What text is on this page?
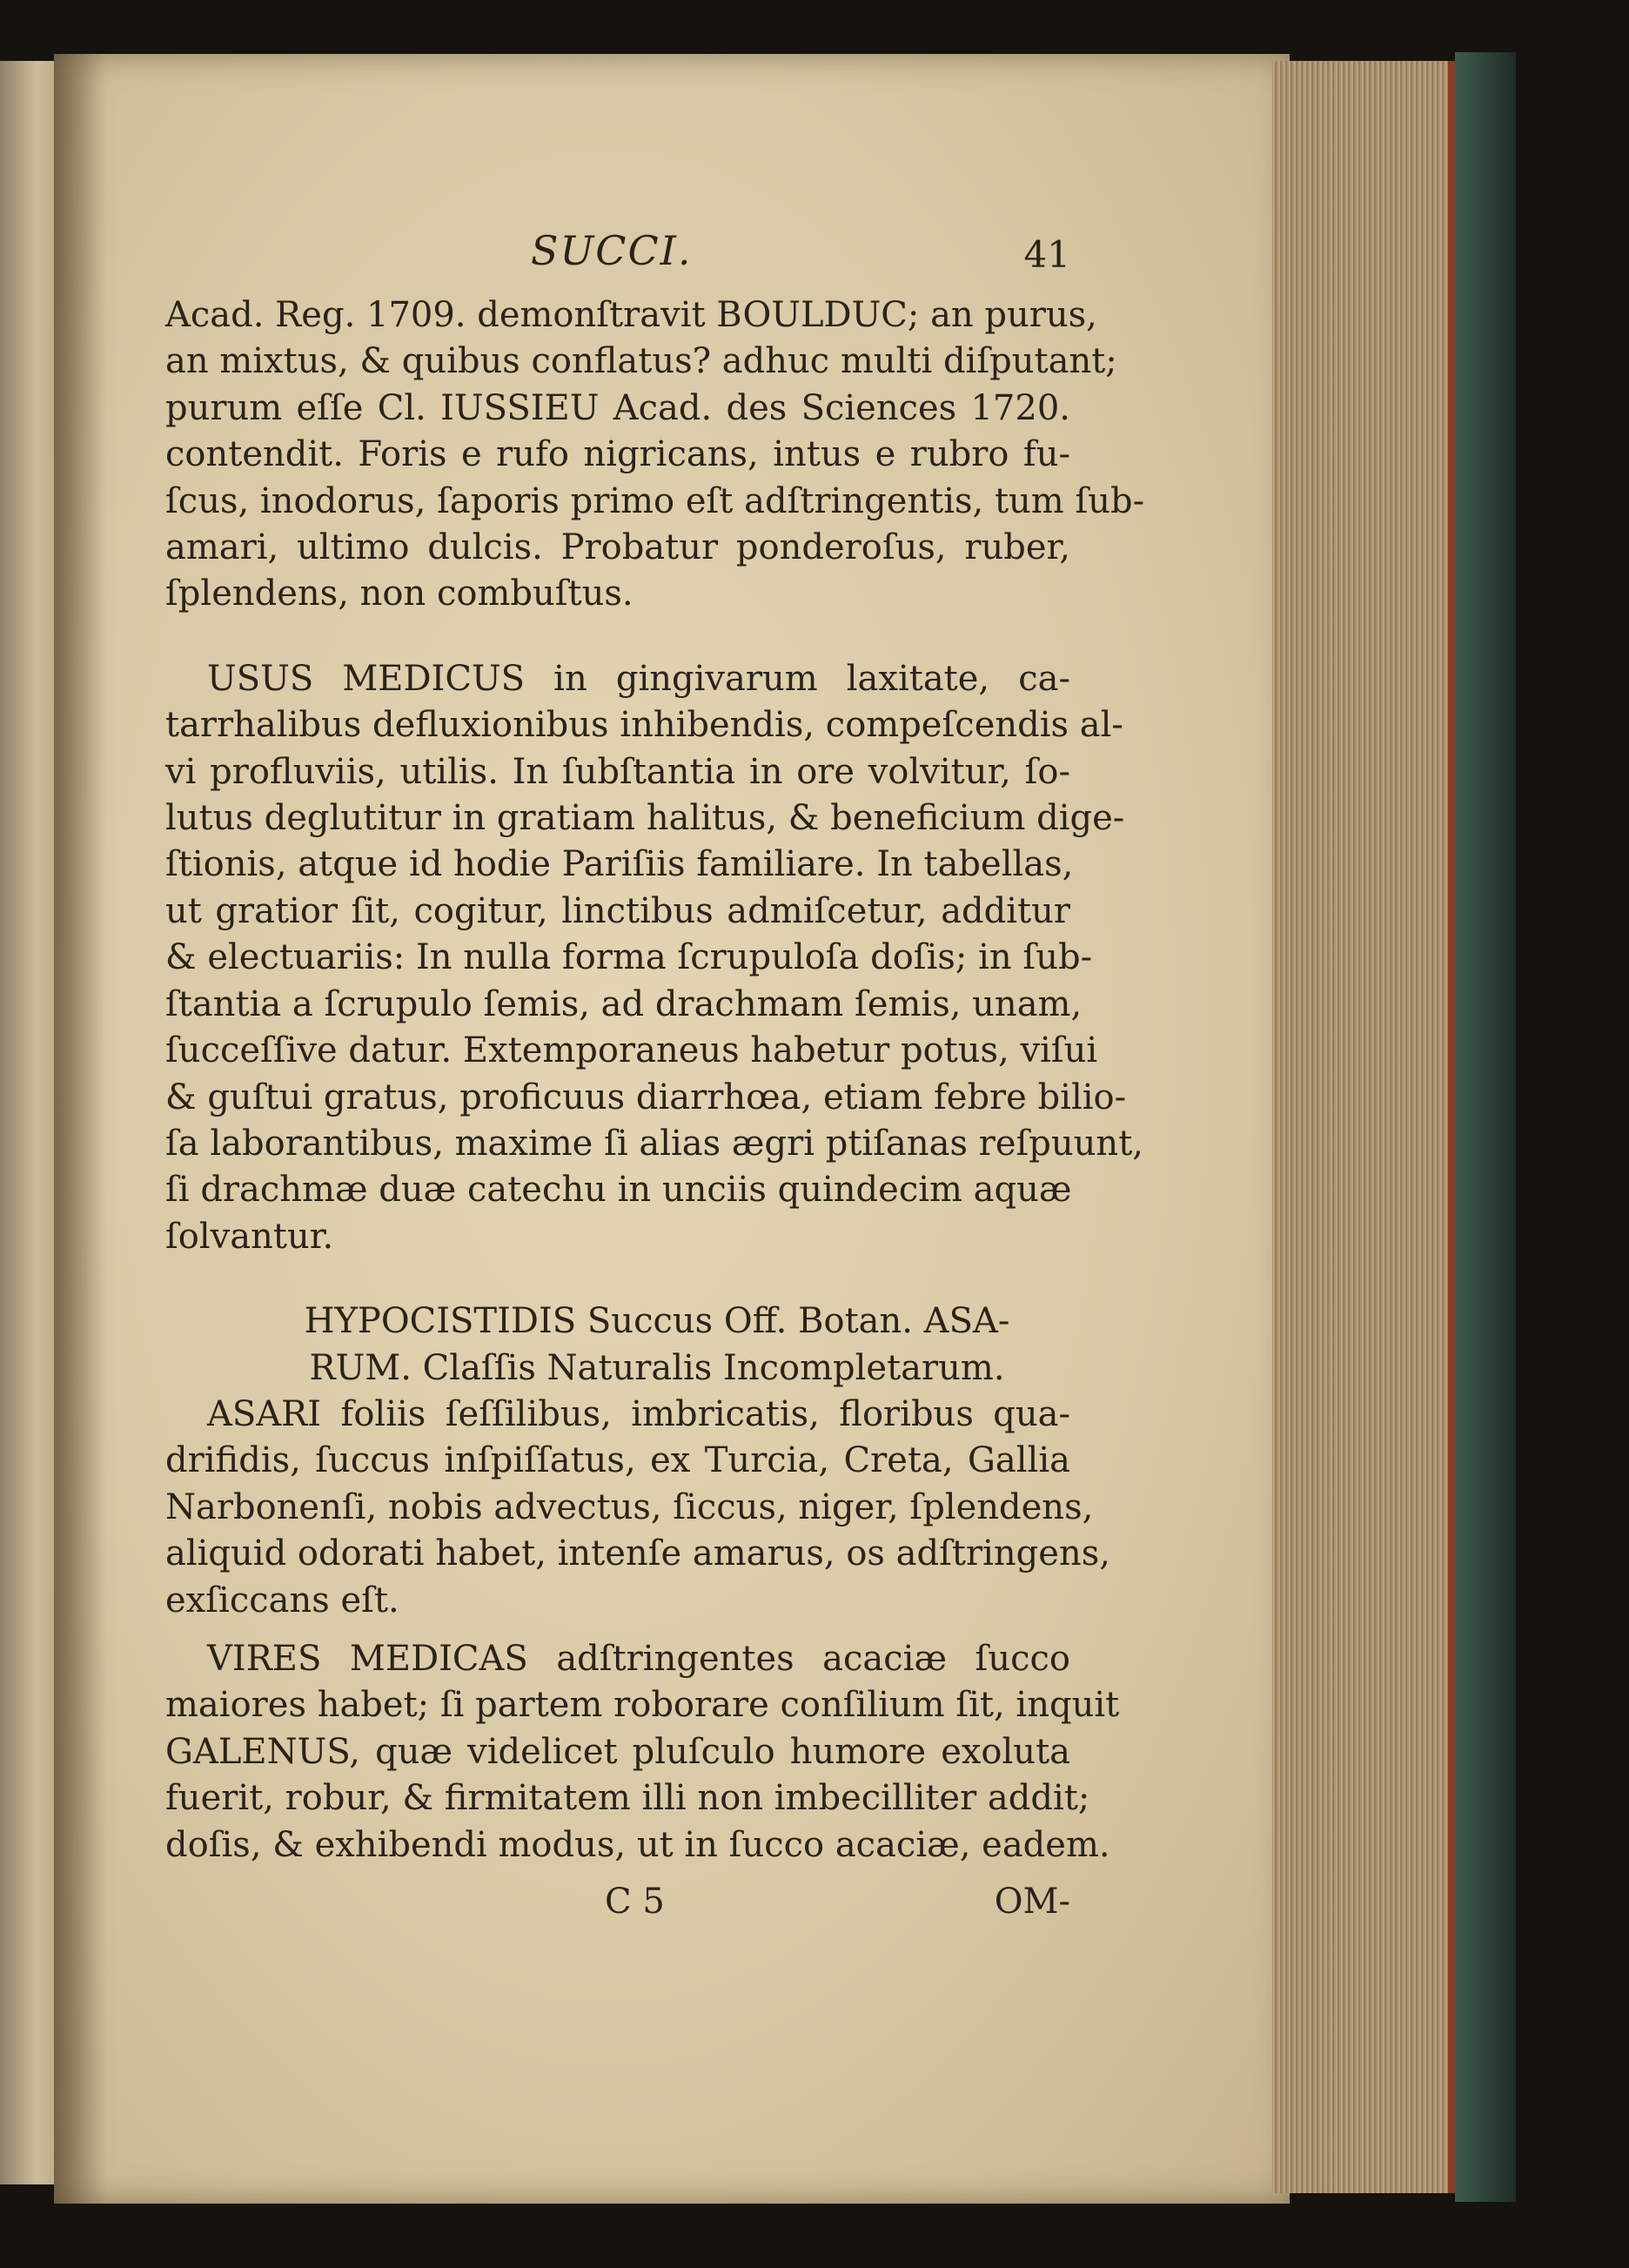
SUCCI.	41
Acad. Reg. 1709. demonſtravit BOULDUC; an purus,
an mixtus, & quibus conflatus? adhuc multi diſputant;
purum eſſe Cl. IUSSIEU Acad. des Sciences 1720.
contendit. Foris e rufo nigricans, intus e rubro fu-
ſcus, inodorus, ſaporis primo eſt adſtringentis, tum ſub-
amari, ultimo dulcis. Probatur ponderoſus, ruber,
ſplendens, non combuſtus.
USUS MEDICUS in gingivarum laxitate, ca-
tarrhalibus defluxionibus inhibendis, compeſcendis al-
vi profluviis, utilis. In ſubſtantia in ore volvitur, ſo-
lutus deglutitur in gratiam halitus, & beneficium dige-
ſtionis, atque id hodie Pariſiis familiare. In tabellas,
ut gratior ſit, cogitur, linctibus admiſcetur, additur
& electuariis: In nulla forma ſcrupuloſa doſis; in ſub-
ſtantia a ſcrupulo ſemis, ad drachmam ſemis, unam,
ſucceſſive datur. Extemporaneus habetur potus, viſui
& guſtui gratus, proficuus diarrhœa, etiam febre bilio-
ſa laborantibus, maxime ſi alias ægri ptiſanas reſpuunt,
ſi drachmæ duæ catechu in unciis quindecim aquæ
ſolvantur.
HYPOCISTIDIS Succus Off. Botan. ASA-
RUM. Claſſis Naturalis Incompletarum.
ASARI foliis ſeſſilibus, imbricatis, floribus qua-
drifidis, ſuccus inſpiſſatus, ex Turcia, Creta, Gallia
Narbonenſi, nobis advectus, ſiccus, niger, ſplendens,
aliquid odorati habet, intenſe amarus, os adſtringens,
exſiccans eſt.
VIRES MEDICAS adſtringentes acaciæ ſucco
maiores habet; ſi partem roborare conſilium ſit, inquit
GALENUS, quæ videlicet pluſculo humore exoluta
fuerit, robur, & firmitatem illi non imbecilliter addit;
doſis, & exhibendi modus, ut in ſucco acaciæ, eadem.
C 5	OM-
